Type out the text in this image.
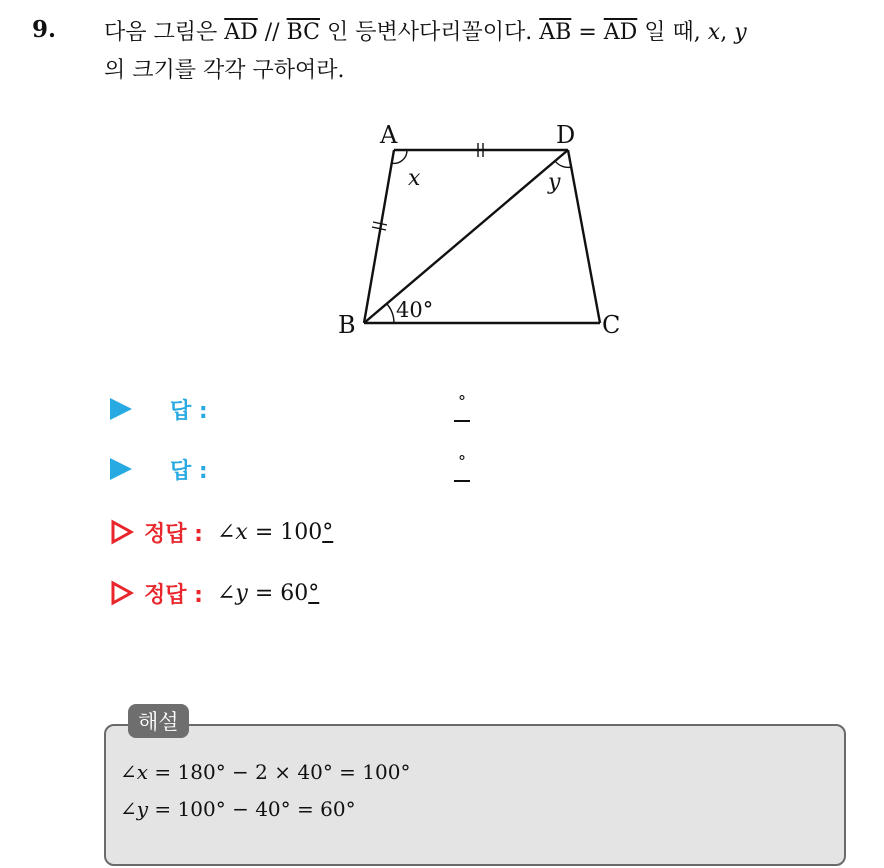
9. 다음 그림은 $\overline{AD} // \overline{BC}$ 인 등변사다리꼴이다. $\overline{AB} = \overline{AD}$ 일 때, x, y
의 크기를 각각 구하여라.
A	D
B	C
x	y
40°
답 :	°
답 :	°
정답 : ∠x = 100°
정답 : ∠y = 60°
해설
∠x = 180° − 2 × 40° = 100°
∠y = 100° − 40° = 60°
